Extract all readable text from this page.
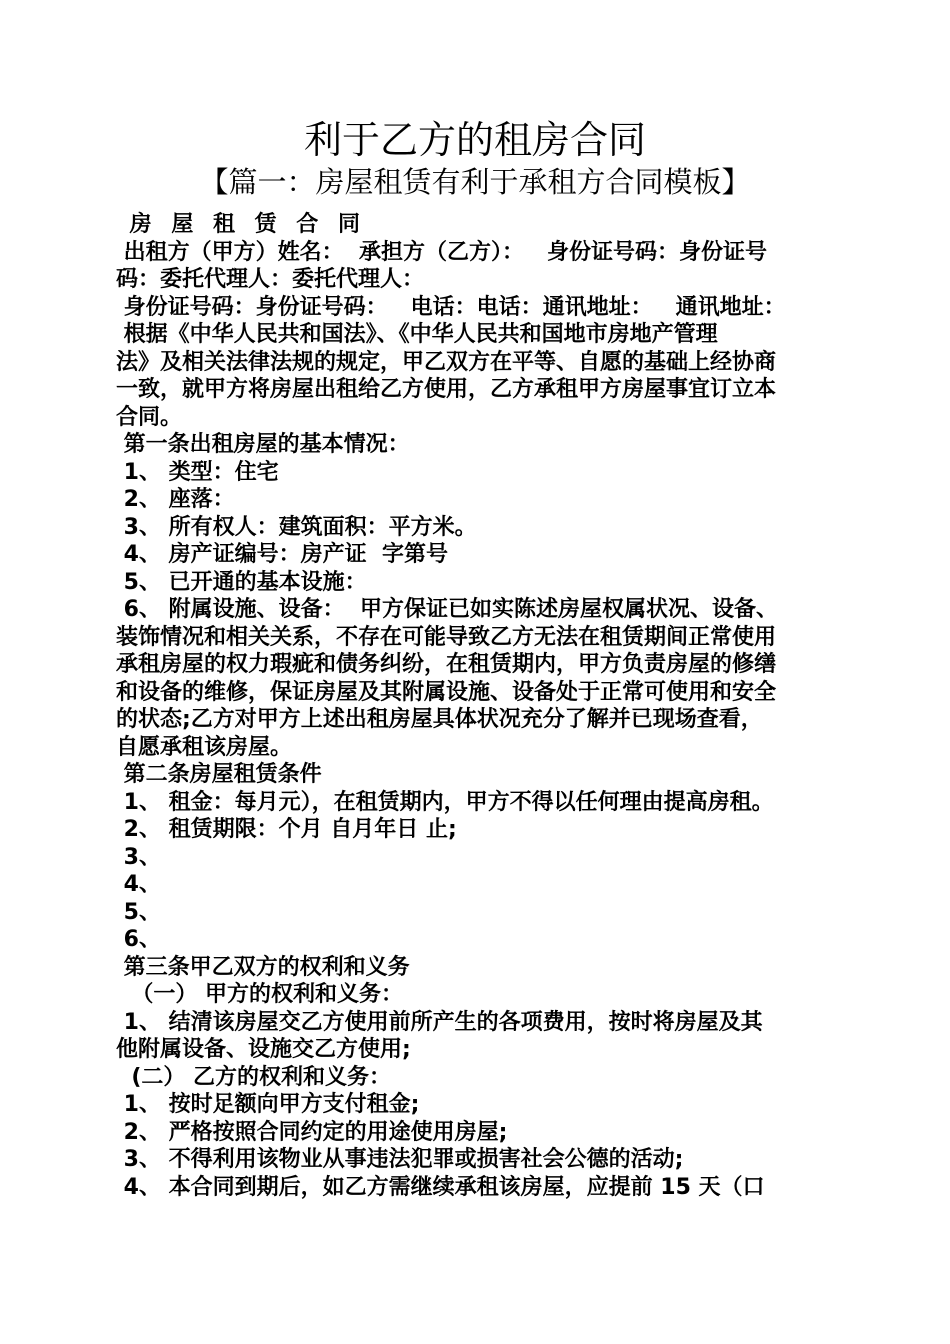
利于乙方的租房合同
【篇一：房屋租赁有利于承租方合同模板】
房 屋 租 赁 合 同
出租方（甲方）姓名：  承担方（乙方）：   身份证号码：身份证号
码：委托代理人：委托代理人：
身份证号码：身份证号码：   电话：电话：通讯地址：   通讯地址：
根据《中华人民共和国法》、《中华人民共和国地市房地产管理
法》及相关法律法规的规定，甲乙双方在平等、自愿的基础上经协商
一致，就甲方将房屋出租给乙方使用，乙方承租甲方房屋事宜订立本
合同。
第一条出租房屋的基本情况：
1、 类型：住宅
2、 座落：
3、 所有权人：建筑面积：平方米。
4、 房产证编号：房产证  字第号
5、 已开通的基本设施：
6、 附属设施、设备：  甲方保证已如实陈述房屋权属状况、设备、
装饰情况和相关关系，不存在可能导致乙方无法在租赁期间正常使用
承租房屋的权力瑕疵和债务纠纷，在租赁期内，甲方负责房屋的修缮
和设备的维修，保证房屋及其附属设施、设备处于正常可使用和安全
的状态;乙方对甲方上述出租房屋具体状况充分了解并已现场查看，
自愿承租该房屋。
第二条房屋租赁条件
1、 租金：每月元），在租赁期内，甲方不得以任何理由提高房租。
2、 租赁期限：个月 自月年日 止;
3、
4、
5、
6、
第三条甲乙双方的权利和义务
（一） 甲方的权利和义务：
1、 结清该房屋交乙方使用前所产生的各项费用，按时将房屋及其
他附属设备、设施交乙方使用;
(二） 乙方的权利和义务：
1、 按时足额向甲方支付租金;
2、 严格按照合同约定的用途使用房屋;
3、 不得利用该物业从事违法犯罪或损害社会公德的活动;
4、 本合同到期后，如乙方需继续承租该房屋，应提前 15 天（口
